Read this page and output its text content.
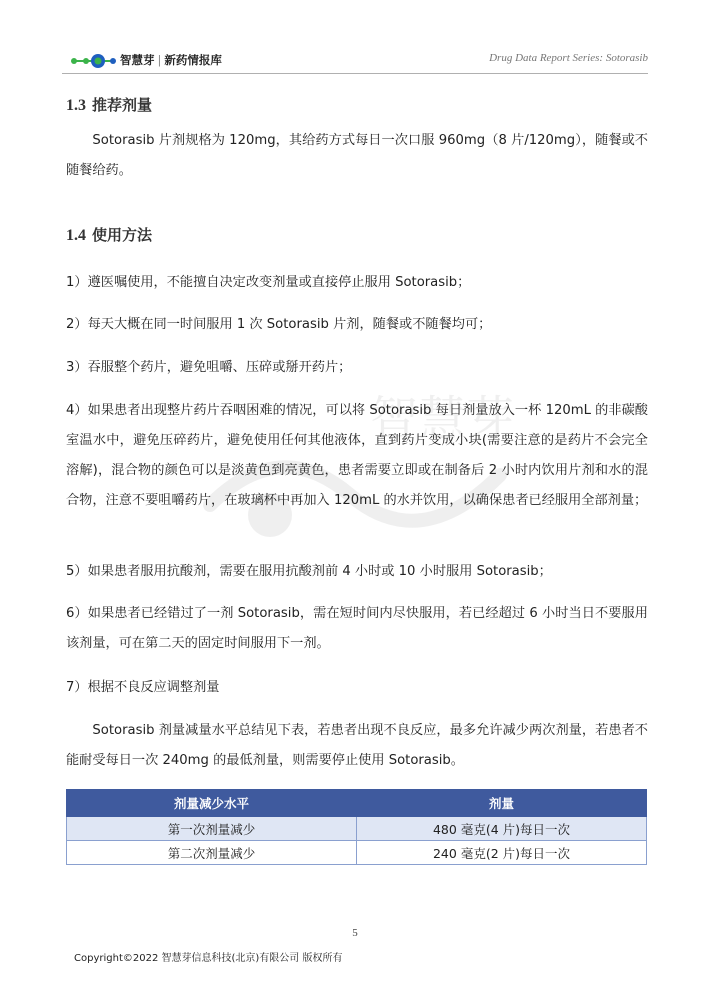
智慧芽 | 新药情报库	Drug Data Report Series: Sotorasib
智慧芽
1.3 推荐剂量
Sotorasib 片剂规格为 120mg，其给药方式每日一次口服 960mg（8 片/120mg），随餐或不随餐给药。
1.4 使用方法
1）遵医嘱使用，不能擅自决定改变剂量或直接停止服用 Sotorasib；
2）每天大概在同一时间服用 1 次 Sotorasib 片剂，随餐或不随餐均可；
3）吞服整个药片，避免咀嚼、压碎或掰开药片；
4）如果患者出现整片药片吞咽困难的情况，可以将 Sotorasib 每日剂量放入一杯 120mL 的非碳酸室温水中，避免压碎药片，避免使用任何其他液体，直到药片变成小块(需要注意的是药片不会完全溶解)，混合物的颜色可以是淡黄色到亮黄色，患者需要立即或在制备后 2 小时内饮用片剂和水的混合物，注意不要咀嚼药片，在玻璃杯中再加入 120mL 的水并饮用，以确保患者已经服用全部剂量；
5）如果患者服用抗酸剂，需要在服用抗酸剂前 4 小时或 10 小时服用 Sotorasib；
6）如果患者已经错过了一剂 Sotorasib，需在短时间内尽快服用，若已经超过 6 小时当日不要服用该剂量，可在第二天的固定时间服用下一剂。
7）根据不良反应调整剂量
Sotorasib 剂量减量水平总结见下表，若患者出现不良反应，最多允许减少两次剂量，若患者不能耐受每日一次 240mg 的最低剂量，则需要停止使用 Sotorasib。
剂量减少水平	剂量
第一次剂量减少	480 毫克(4 片)每日一次
第二次剂量减少	240 毫克(2 片)每日一次
5
Copyright©2022 智慧芽信息科技(北京)有限公司 版权所有
